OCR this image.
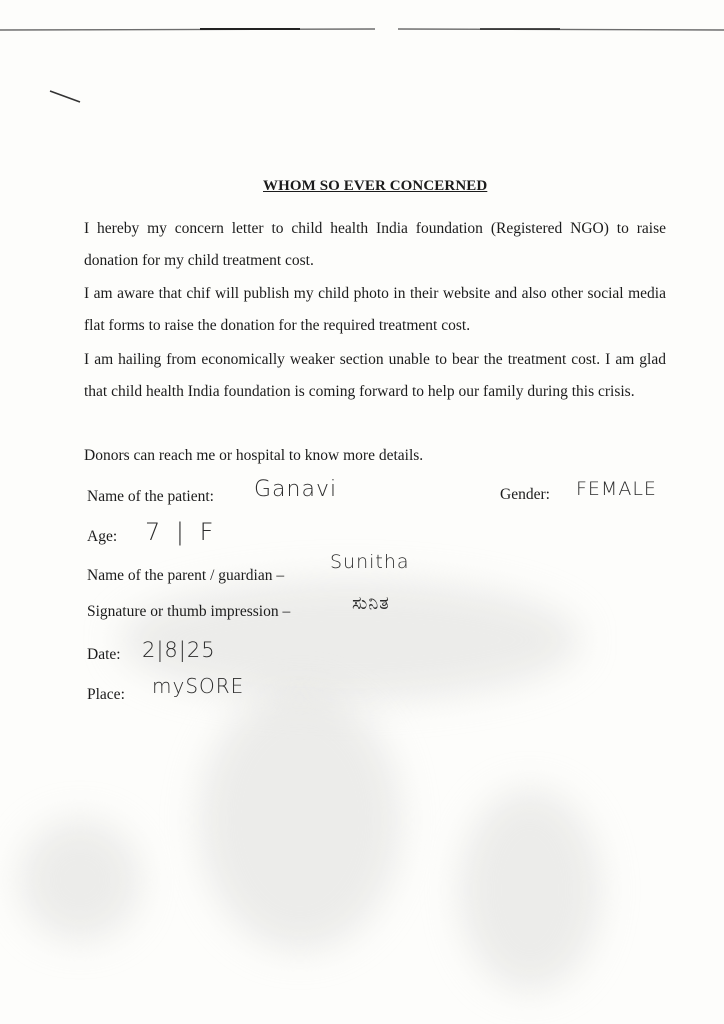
WHOM SO EVER CONCERNED
I hereby my concern letter to child health India foundation (Registered NGO) to raise donation for my child treatment cost.
I am aware that chif will publish my child photo in their website and also other social media flat forms to raise the donation for the required treatment cost.
I am hailing from economically weaker section unable to bear the treatment cost. I am glad that child health India foundation is coming forward to help our family during this crisis.
Donors can reach me or hospital to know more details.
Name of the patient: Ganavi	Gender: FEMALE
Age: 7 | F
Name of the parent / guardian –
Sunitha
Signature or thumb impression –	ಸುನಿತ
Date: 2|8|25
Place: mySORE
